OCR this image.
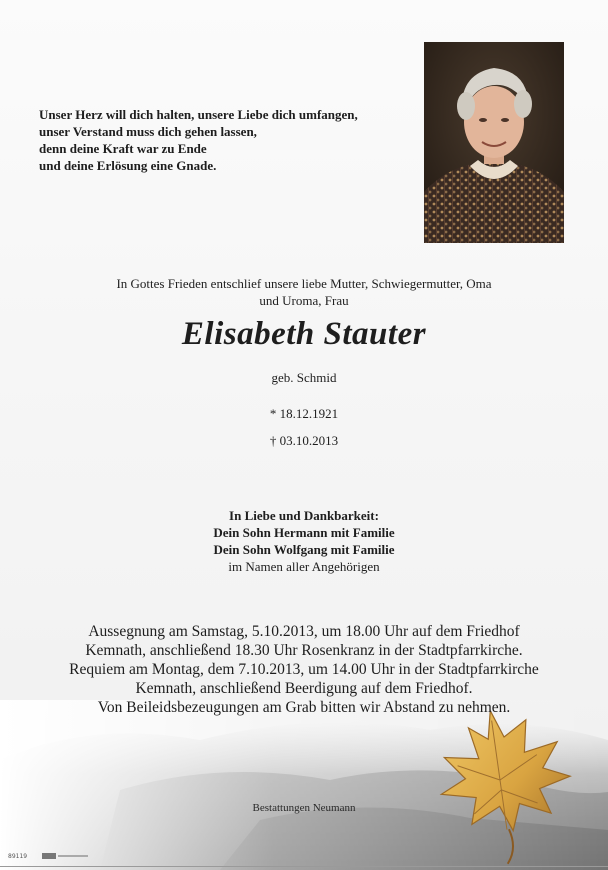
Unser Herz will dich halten, unsere Liebe dich umfangen,
unser Verstand muss dich gehen lassen,
denn deine Kraft war zu Ende
und deine Erlösung eine Gnade.
In Gottes Frieden entschlief unsere liebe Mutter, Schwiegermutter, Oma
und Uroma, Frau
Elisabeth Stauter
geb. Schmid
* 18.12.1921
† 03.10.2013
In Liebe und Dankbarkeit:
Dein Sohn Hermann mit Familie
Dein Sohn Wolfgang mit Familie
im Namen aller Angehörigen
Aussegnung am Samstag, 5.10.2013, um 18.00 Uhr auf dem Friedhof
Kemnath, anschließend 18.30 Uhr Rosenkranz in der Stadtpfarrkirche.
Requiem am Montag, dem 7.10.2013, um 14.00 Uhr in der Stadtpfarrkirche
Kemnath, anschließend Beerdigung auf dem Friedhof.
Von Beileidsbezeugungen am Grab bitten wir Abstand zu nehmen.
Bestattungen Neumann
89119
